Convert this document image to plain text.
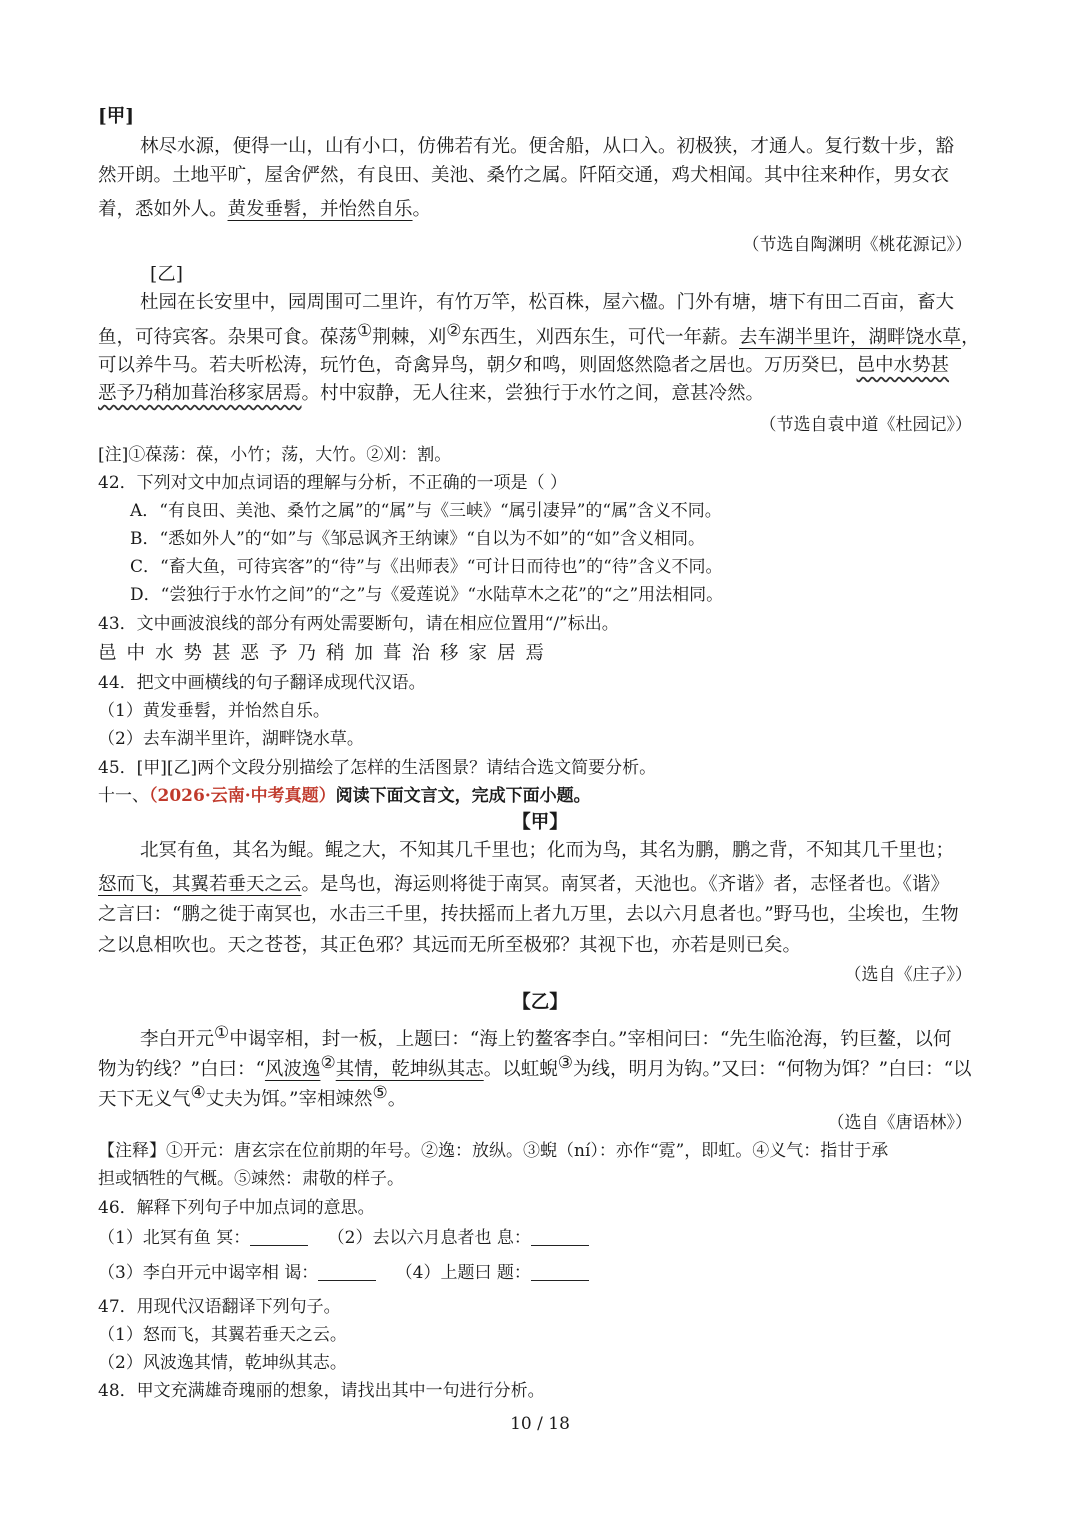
[甲]
林尽水源，便得一山，山有小口，仿佛若有光。便舍船，从口入。初极狭，才通人。复行数十步，豁
然开朗。土地平旷，屋舍俨然，有良田、美池、桑竹之属。阡陌交通，鸡犬相闻。其中往来种作，男女衣
着，悉如外人。黄发垂髫，并怡然自乐。
（节选自陶渊明《桃花源记》）
[乙]
杜园在长安里中，园周围可二里许，有竹万竿，松百株，屋六楹。门外有塘，塘下有田二百亩，畜大
鱼，可待宾客。杂果可食。葆荡①荆棘，刈②东西生，刈西东生，可代一年薪。去车湖半里许，湖畔饶水草，
可以养牛马。若夫听松涛，玩竹色，奇禽异鸟，朝夕和鸣，则固悠然隐者之居也。万历癸巳，邑中水势甚
恶予乃稍加葺治移家居焉。村中寂静，无人往来，尝独行于水竹之间，意甚冷然。
（节选自袁中道《杜园记》）
[注]①葆荡：葆，小竹；荡，大竹。②刈：割。
42．下列对文中加点词语的理解与分析，不正确的一项是（ ）
A．“有良田、美池、桑竹之属”的“属”与《三峡》“属引凄异”的“属”含义不同。
B．“悉如外人”的“如”与《邹忌讽齐王纳谏》“自以为不如”的“如”含义相同。
C．“畜大鱼，可待宾客”的“待”与《出师表》“可计日而待也”的“待”含义不同。
D．“尝独行于水竹之间”的“之”与《爱莲说》“水陆草木之花”的“之”用法相同。
43．文中画波浪线的部分有两处需要断句，请在相应位置用“/”标出。
邑中水势甚恶予乃稍加葺治移家居焉
44．把文中画横线的句子翻译成现代汉语。
（1）黄发垂髫，并怡然自乐。
（2）去车湖半里许，湖畔饶水草。
45．[甲][乙]两个文段分别描绘了怎样的生活图景？请结合选文简要分析。
十一、（2026·云南·中考真题）阅读下面文言文，完成下面小题。
【甲】
北冥有鱼，其名为鲲。鲲之大，不知其几千里也；化而为鸟，其名为鹏，鹏之背，不知其几千里也；
怒而飞，其翼若垂天之云。是鸟也，海运则将徙于南冥。南冥者，天池也。《齐谐》者，志怪者也。《谐》
之言曰：“鹏之徙于南冥也，水击三千里，抟扶摇而上者九万里，去以六月息者也。”野马也，尘埃也，生物
之以息相吹也。天之苍苍，其正色邪？其远而无所至极邪？其视下也，亦若是则已矣。
（选自《庄子》）
【乙】
李白开元①中谒宰相，封一板，上题曰：“海上钓鳌客李白。”宰相问曰：“先生临沧海，钓巨鳌，以何
物为钓线？”白曰：“风波逸②其情，乾坤纵其志。以虹蜺③为线，明月为钩。”又曰：“何物为饵？”白曰：“以
天下无义气④丈夫为饵。”宰相竦然⑤。
（选自《唐语林》）
【注释】①开元：唐玄宗在位前期的年号。②逸：放纵。③蜺（ní）：亦作“霓”，即虹。④义气：指甘于承
担或牺牲的气概。⑤竦然：肃敬的样子。
46．解释下列句子中加点词的意思。
（1）北冥有鱼 冥：	（2）去以六月息者也 息：
（3）李白开元中谒宰相 谒：	（4）上题曰 题：
47．用现代汉语翻译下列句子。
（1）怒而飞，其翼若垂天之云。
（2）风波逸其情，乾坤纵其志。
48．甲文充满雄奇瑰丽的想象，请找出其中一句进行分析。
10 / 18
